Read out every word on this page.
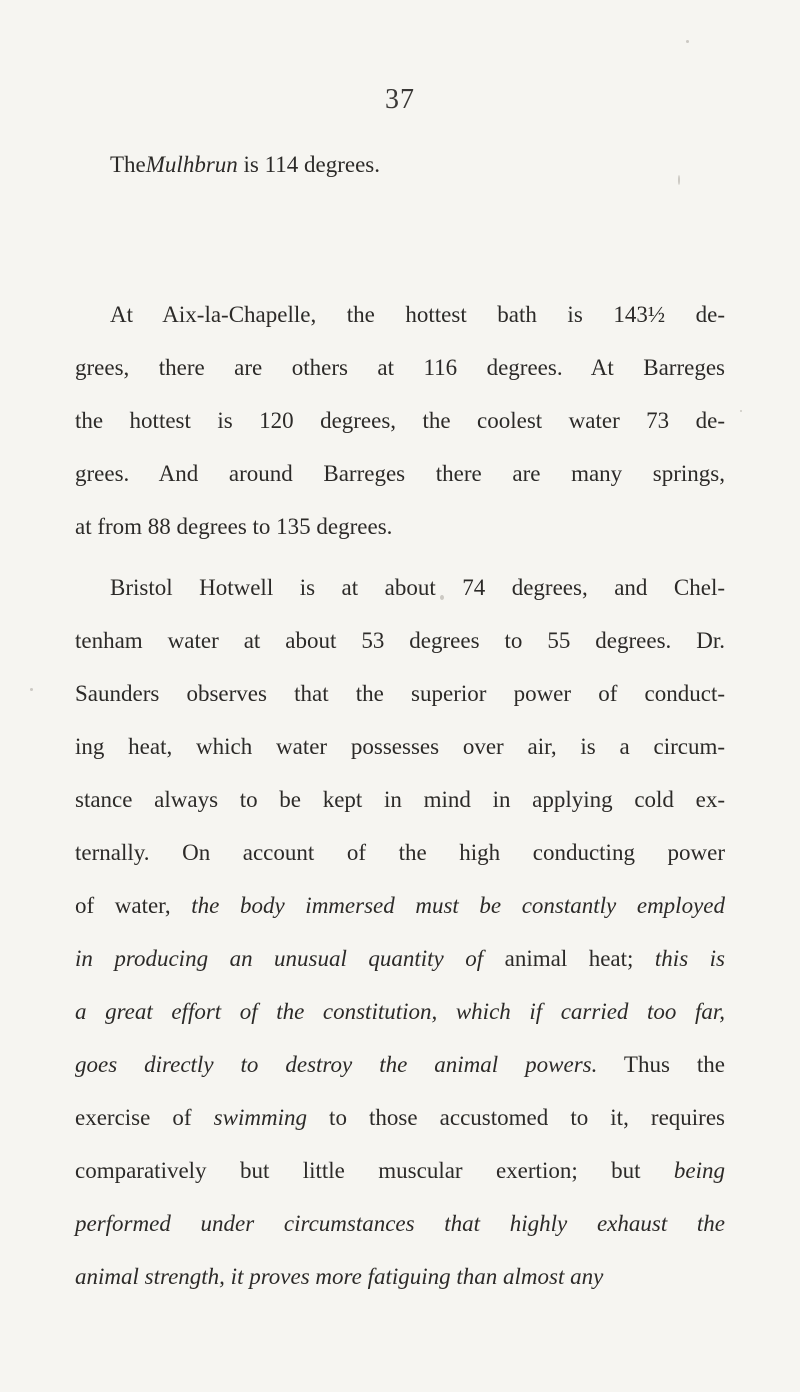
37
TheMulhbrun is 114 degrees.
At Aix-la-Chapelle, the hottest bath is 143½ de-
grees, there are others at 116 degrees. At Barreges
the hottest is 120 degrees, the coolest water 73 de-
grees. And around Barreges there are many springs,
at from 88 degrees to 135 degrees.
Bristol Hotwell is at about 74 degrees, and Chel-
tenham water at about 53 degrees to 55 degrees. Dr.
Saunders observes that the superior power of conduct-
ing heat, which water possesses over air, is a circum-
stance always to be kept in mind in applying cold ex-
ternally. On account of the high conducting power
of water, the body immersed must be constantly employed
in producing an unusual quantity of animal heat; this is
a great effort of the constitution, which if carried too far,
goes directly to destroy the animal powers. Thus the
exercise of swimming to those accustomed to it, requires
comparatively but little muscular exertion; but being
performed under circumstances that highly exhaust the
animal strength, it proves more fatiguing than almost any
